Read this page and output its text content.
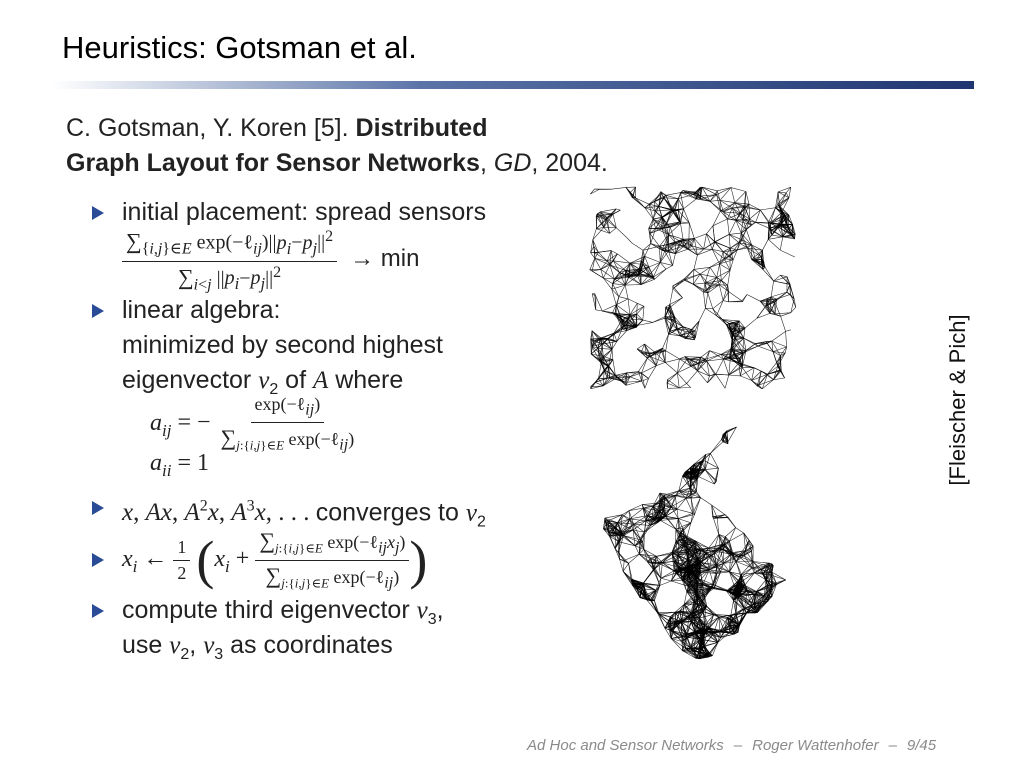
Heuristics: Gotsman et al.
C. Gotsman, Y. Koren [5]. Distributed
Graph Layout for Sensor Networks, GD, 2004.
initial placement: spread sensors
$\frac{\sum_{\{i,j\}\in E} \exp(-\ell_{ij})||p_i-p_j||^2}{\sum_{i<j} ||p_i-p_j||^2} \to \min$
linear algebra:
minimized by second highest
eigenvector $v_2$ of A where
$a_{ij}$ = − $\frac{\exp(-\ell_{ij})}{\sum_{j:\{i,j\}\in E} \exp(-\ell_{ij})}$
$a_{ii} = 1$
x, Ax, $A^2x$, $A^3x$, . . . converges to $v_2$
$x_i$ ← $\frac{1}{2} (x_i + \frac{\sum_{j:\{i,j\}\in E} \exp(-\ell_{ij}x_j)}{\sum_{j:\{i,j\}\in E} \exp(-\ell_{ij})}$ )
compute third eigenvector $v_3$,
use $v_2$, $v_3$ as coordinates
[Fleischer & Pich]
Ad Hoc and Sensor Networks – Roger Wattenhofer – 9/45
